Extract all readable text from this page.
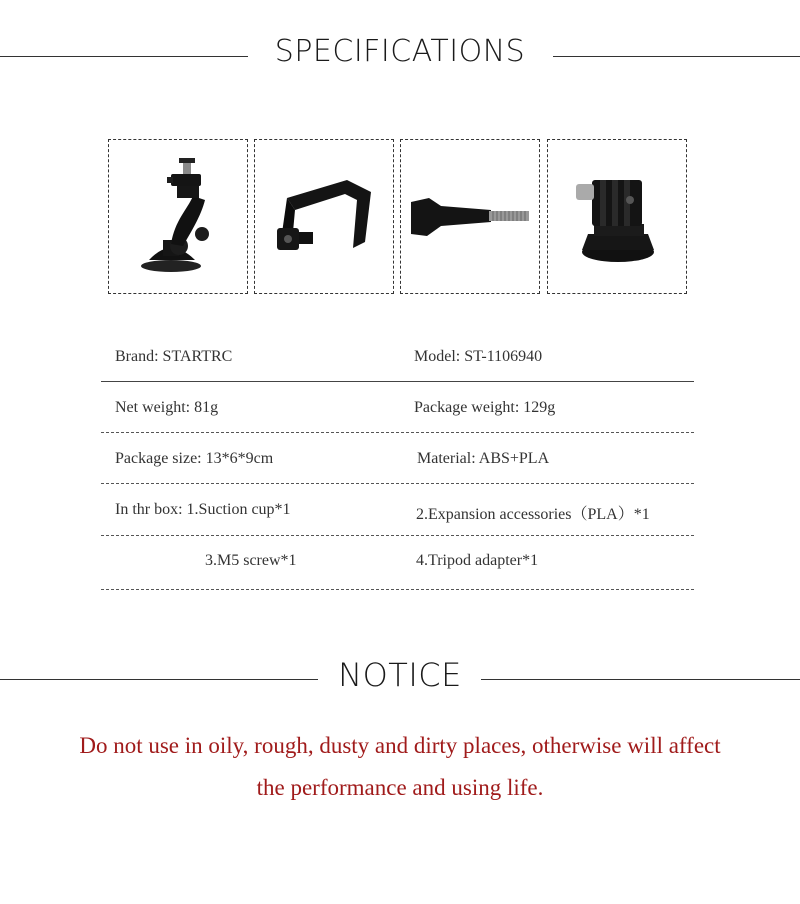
SPECIFICATIONS
Brand: STARTRC	Model: ST-1106940
Net weight: 81g	Package weight: 129g
Package size: 13*6*9cm	Material: ABS+PLA
In thr box: 1.Suction cup*1	2.Expansion accessories（PLA）*1
3.M5 screw*1	4.Tripod adapter*1
NOTICE
Do not use in oily, rough, dusty and dirty places, otherwise will affect
the performance and using life.
